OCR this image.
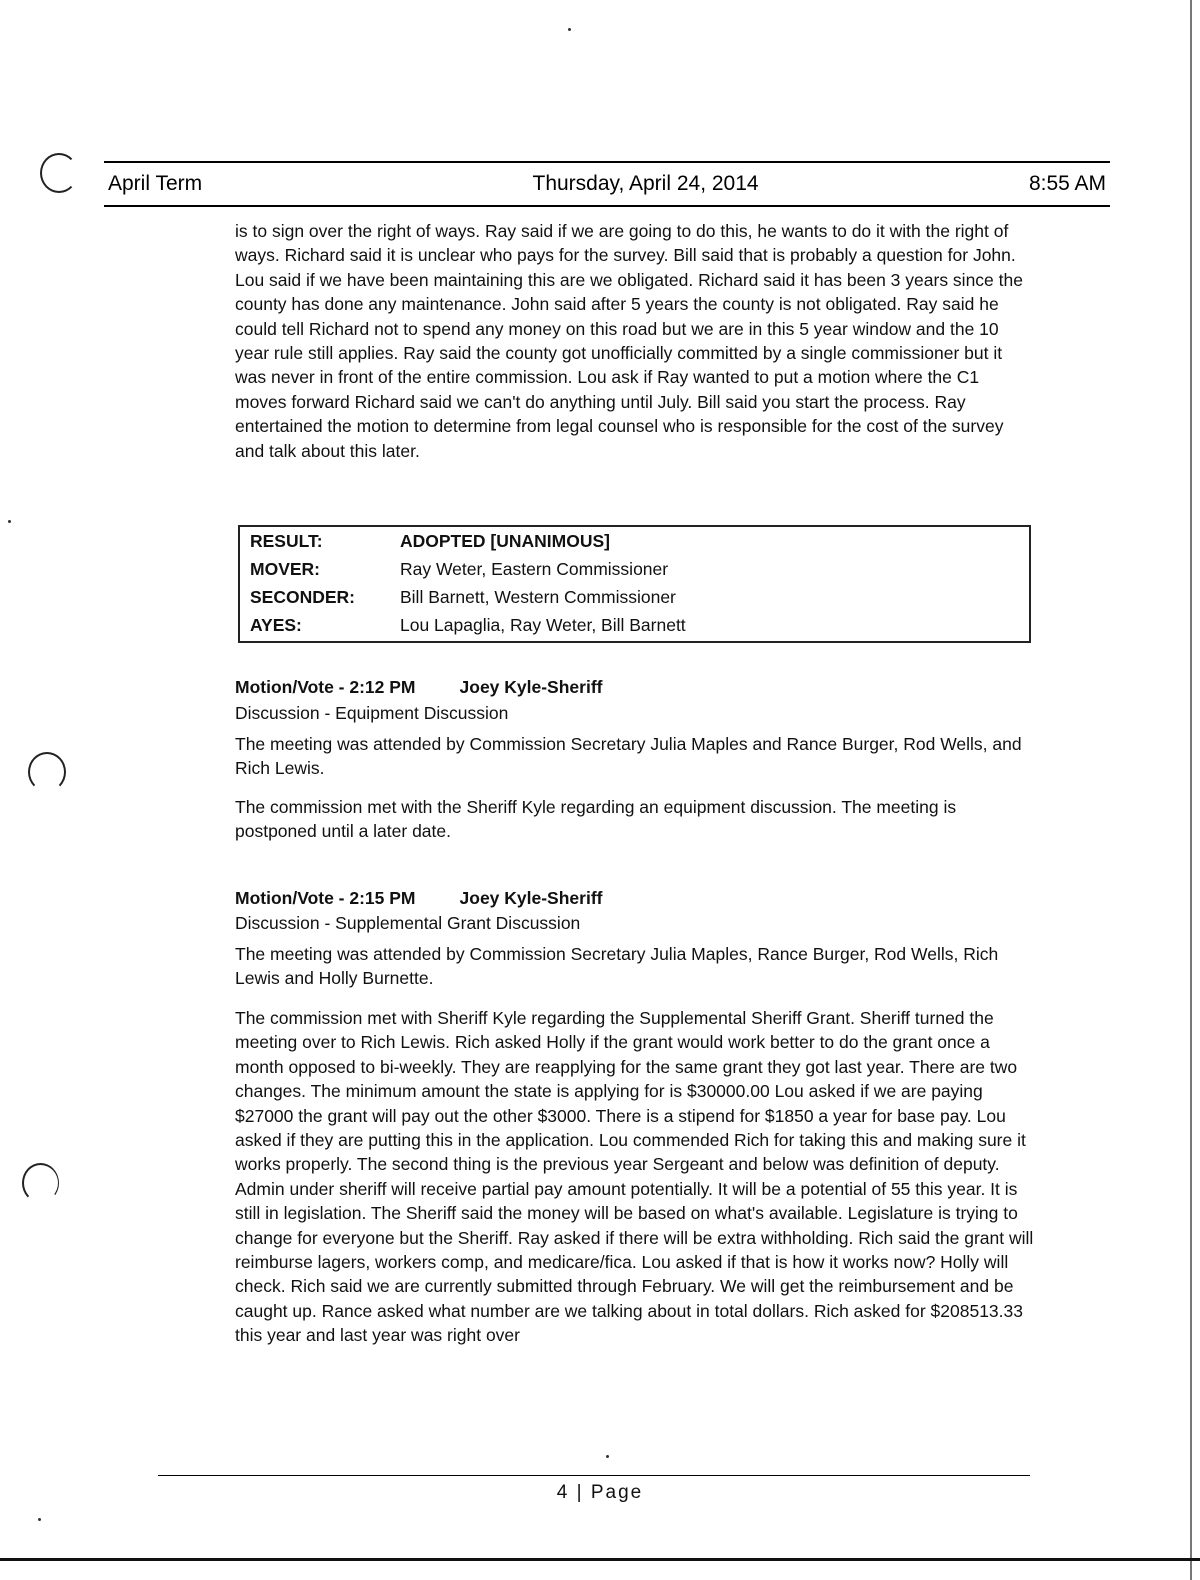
April Term	Thursday, April 24, 2014	8:55 AM

is to sign over the right of ways. Ray said if we are going to do this, he wants to do it with the right of ways. Richard said it is unclear who pays for the survey. Bill said that is probably a question for John. Lou said if we have been maintaining this are we obligated. Richard said it has been 3 years since the county has done any maintenance. John said after 5 years the county is not obligated. Ray said he could tell Richard not to spend any money on this road but we are in this 5 year window and the 10 year rule still applies. Ray said the county got unofficially committed by a single commissioner but it was never in front of the entire commission. Lou ask if Ray wanted to put a motion where the C1 moves forward Richard said we can't do anything until July. Bill said you start the process. Ray entertained the motion to determine from legal counsel who is responsible for the cost of the survey and talk about this later.

RESULT:	ADOPTED [UNANIMOUS]
MOVER:	Ray Weter, Eastern Commissioner
SECONDER:	Bill Barnett, Western Commissioner
AYES:	Lou Lapaglia, Ray Weter, Bill Barnett
Motion/Vote - 2:12 PM	Joey Kyle-Sheriff
Discussion - Equipment Discussion

The meeting was attended by Commission Secretary Julia Maples and Rance Burger, Rod Wells, and Rich Lewis.

The commission met with the Sheriff Kyle regarding an equipment discussion. The meeting is postponed until a later date.

Motion/Vote - 2:15 PM	Joey Kyle-Sheriff
Discussion - Supplemental Grant Discussion

The meeting was attended by Commission Secretary Julia Maples, Rance Burger, Rod Wells, Rich Lewis and Holly Burnette.

The commission met with Sheriff Kyle regarding the Supplemental Sheriff Grant. Sheriff turned the meeting over to Rich Lewis. Rich asked Holly if the grant would work better to do the grant once a month opposed to bi-weekly. They are reapplying for the same grant they got last year. There are two changes. The minimum amount the state is applying for is $30000.00 Lou asked if we are paying $27000 the grant will pay out the other $3000. There is a stipend for $1850 a year for base pay. Lou asked if they are putting this in the application. Lou commended Rich for taking this and making sure it works properly. The second thing is the previous year Sergeant and below was definition of deputy. Admin under sheriff will receive partial pay amount potentially. It will be a potential of 55 this year. It is still in legislation. The Sheriff said the money will be based on what's available. Legislature is trying to change for everyone but the Sheriff. Ray asked if there will be extra withholding. Rich said the grant will reimburse lagers, workers comp, and medicare/fica. Lou asked if that is how it works now? Holly will check. Rich said we are currently submitted through February. We will get the reimbursement and be caught up. Rance asked what number are we talking about in total dollars. Rich asked for $208513.33 this year and last year was right over

4 | Page
